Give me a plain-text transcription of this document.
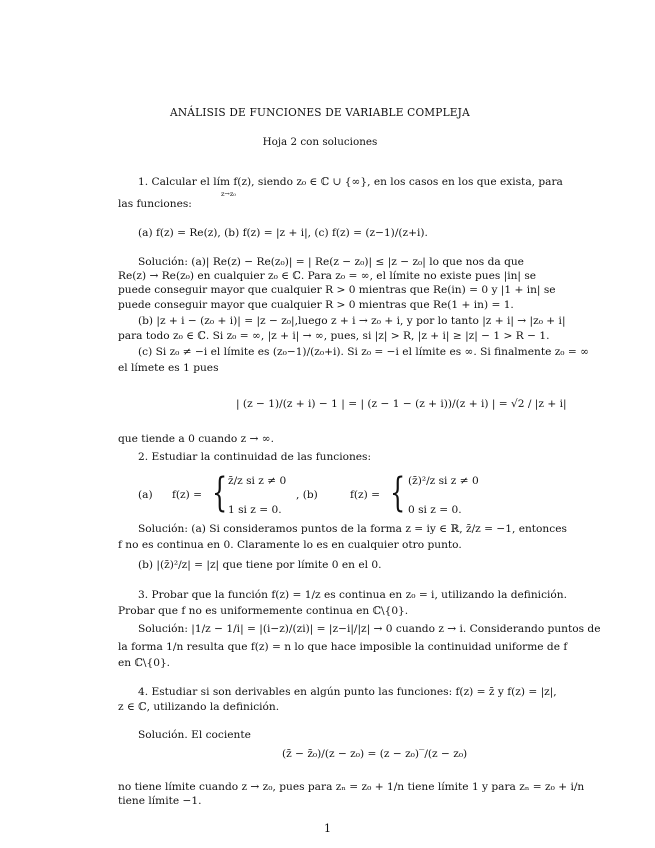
ANÁLISIS DE FUNCIONES DE VARIABLE COMPLEJA
Hoja 2 con soluciones
1. Calcular el lím f(z), siendo z₀ ∈ ℂ ∪ {∞}, en los casos en los que exista, para
z→z₀
las funciones:
(a) f(z) = Re(z), (b) f(z) = |z + i|, (c) f(z) = (z−1)/(z+i).
Solución: (a)| Re(z) − Re(z₀)| = | Re(z − z₀)| ≤ |z − z₀| lo que nos da que
Re(z) → Re(z₀) en cualquier z₀ ∈ ℂ. Para z₀ = ∞, el límite no existe pues |in| se
puede conseguir mayor que cualquier R > 0 mientras que Re(in) = 0 y |1 + in| se
puede conseguir mayor que cualquier R > 0 mientras que Re(1 + in) = 1.
(b) |z + i − (z₀ + i)| = |z − z₀|,luego z + i → z₀ + i, y por lo tanto |z + i| → |z₀ + i|
para todo z₀ ∈ ℂ. Si z₀ = ∞, |z + i| → ∞, pues, si |z| > R, |z + i| ≥ |z| − 1 > R − 1.
(c) Si z₀ ≠ −i el límite es (z₀−1)/(z₀+i). Si z₀ = −i el límite es ∞. Si finalmente z₀ = ∞
el límete es 1 pues
| (z − 1)/(z + i) − 1 | = | (z − 1 − (z + i))/(z + i) | = √2 / |z + i|
que tiende a 0 cuando z → ∞.
2. Estudiar la continuidad de las funciones:
(a) f(z) = { z̄/z si z ≠ 0
1 si z = 0.
, (b)	f(z) = { (z̄)²/z si z ≠ 0
0 si z = 0.
Solución: (a) Si consideramos puntos de la forma z = iy ∈ ℝ, z̄/z = −1, entonces
f no es continua en 0. Claramente lo es en cualquier otro punto.
(b) |(z̄)²/z| = |z| que tiene por límite 0 en el 0.
3. Probar que la función f(z) = 1/z es continua en z₀ = i, utilizando la definición.
Probar que f no es uniformemente continua en ℂ\{0}.
Solución: |1/z − 1/i| = |(i−z)/(zi)| = |z−i|/|z| → 0 cuando z → i. Considerando puntos de
la forma 1/n resulta que f(z) = n lo que hace imposible la continuidad uniforme de f
en ℂ\{0}.
4. Estudiar si son derivables en algún punto las funciones: f(z) = z̄ y f(z) = |z|,
z ∈ ℂ, utilizando la definición.
Solución. El cociente
(z̄ − z̄₀)/(z − z₀) = (z − z₀)‾/(z − z₀)
no tiene límite cuando z → z₀, pues para zₙ = z₀ + 1/n tiene límite 1 y para zₙ = z₀ + i/n
tiene límite −1.
1
